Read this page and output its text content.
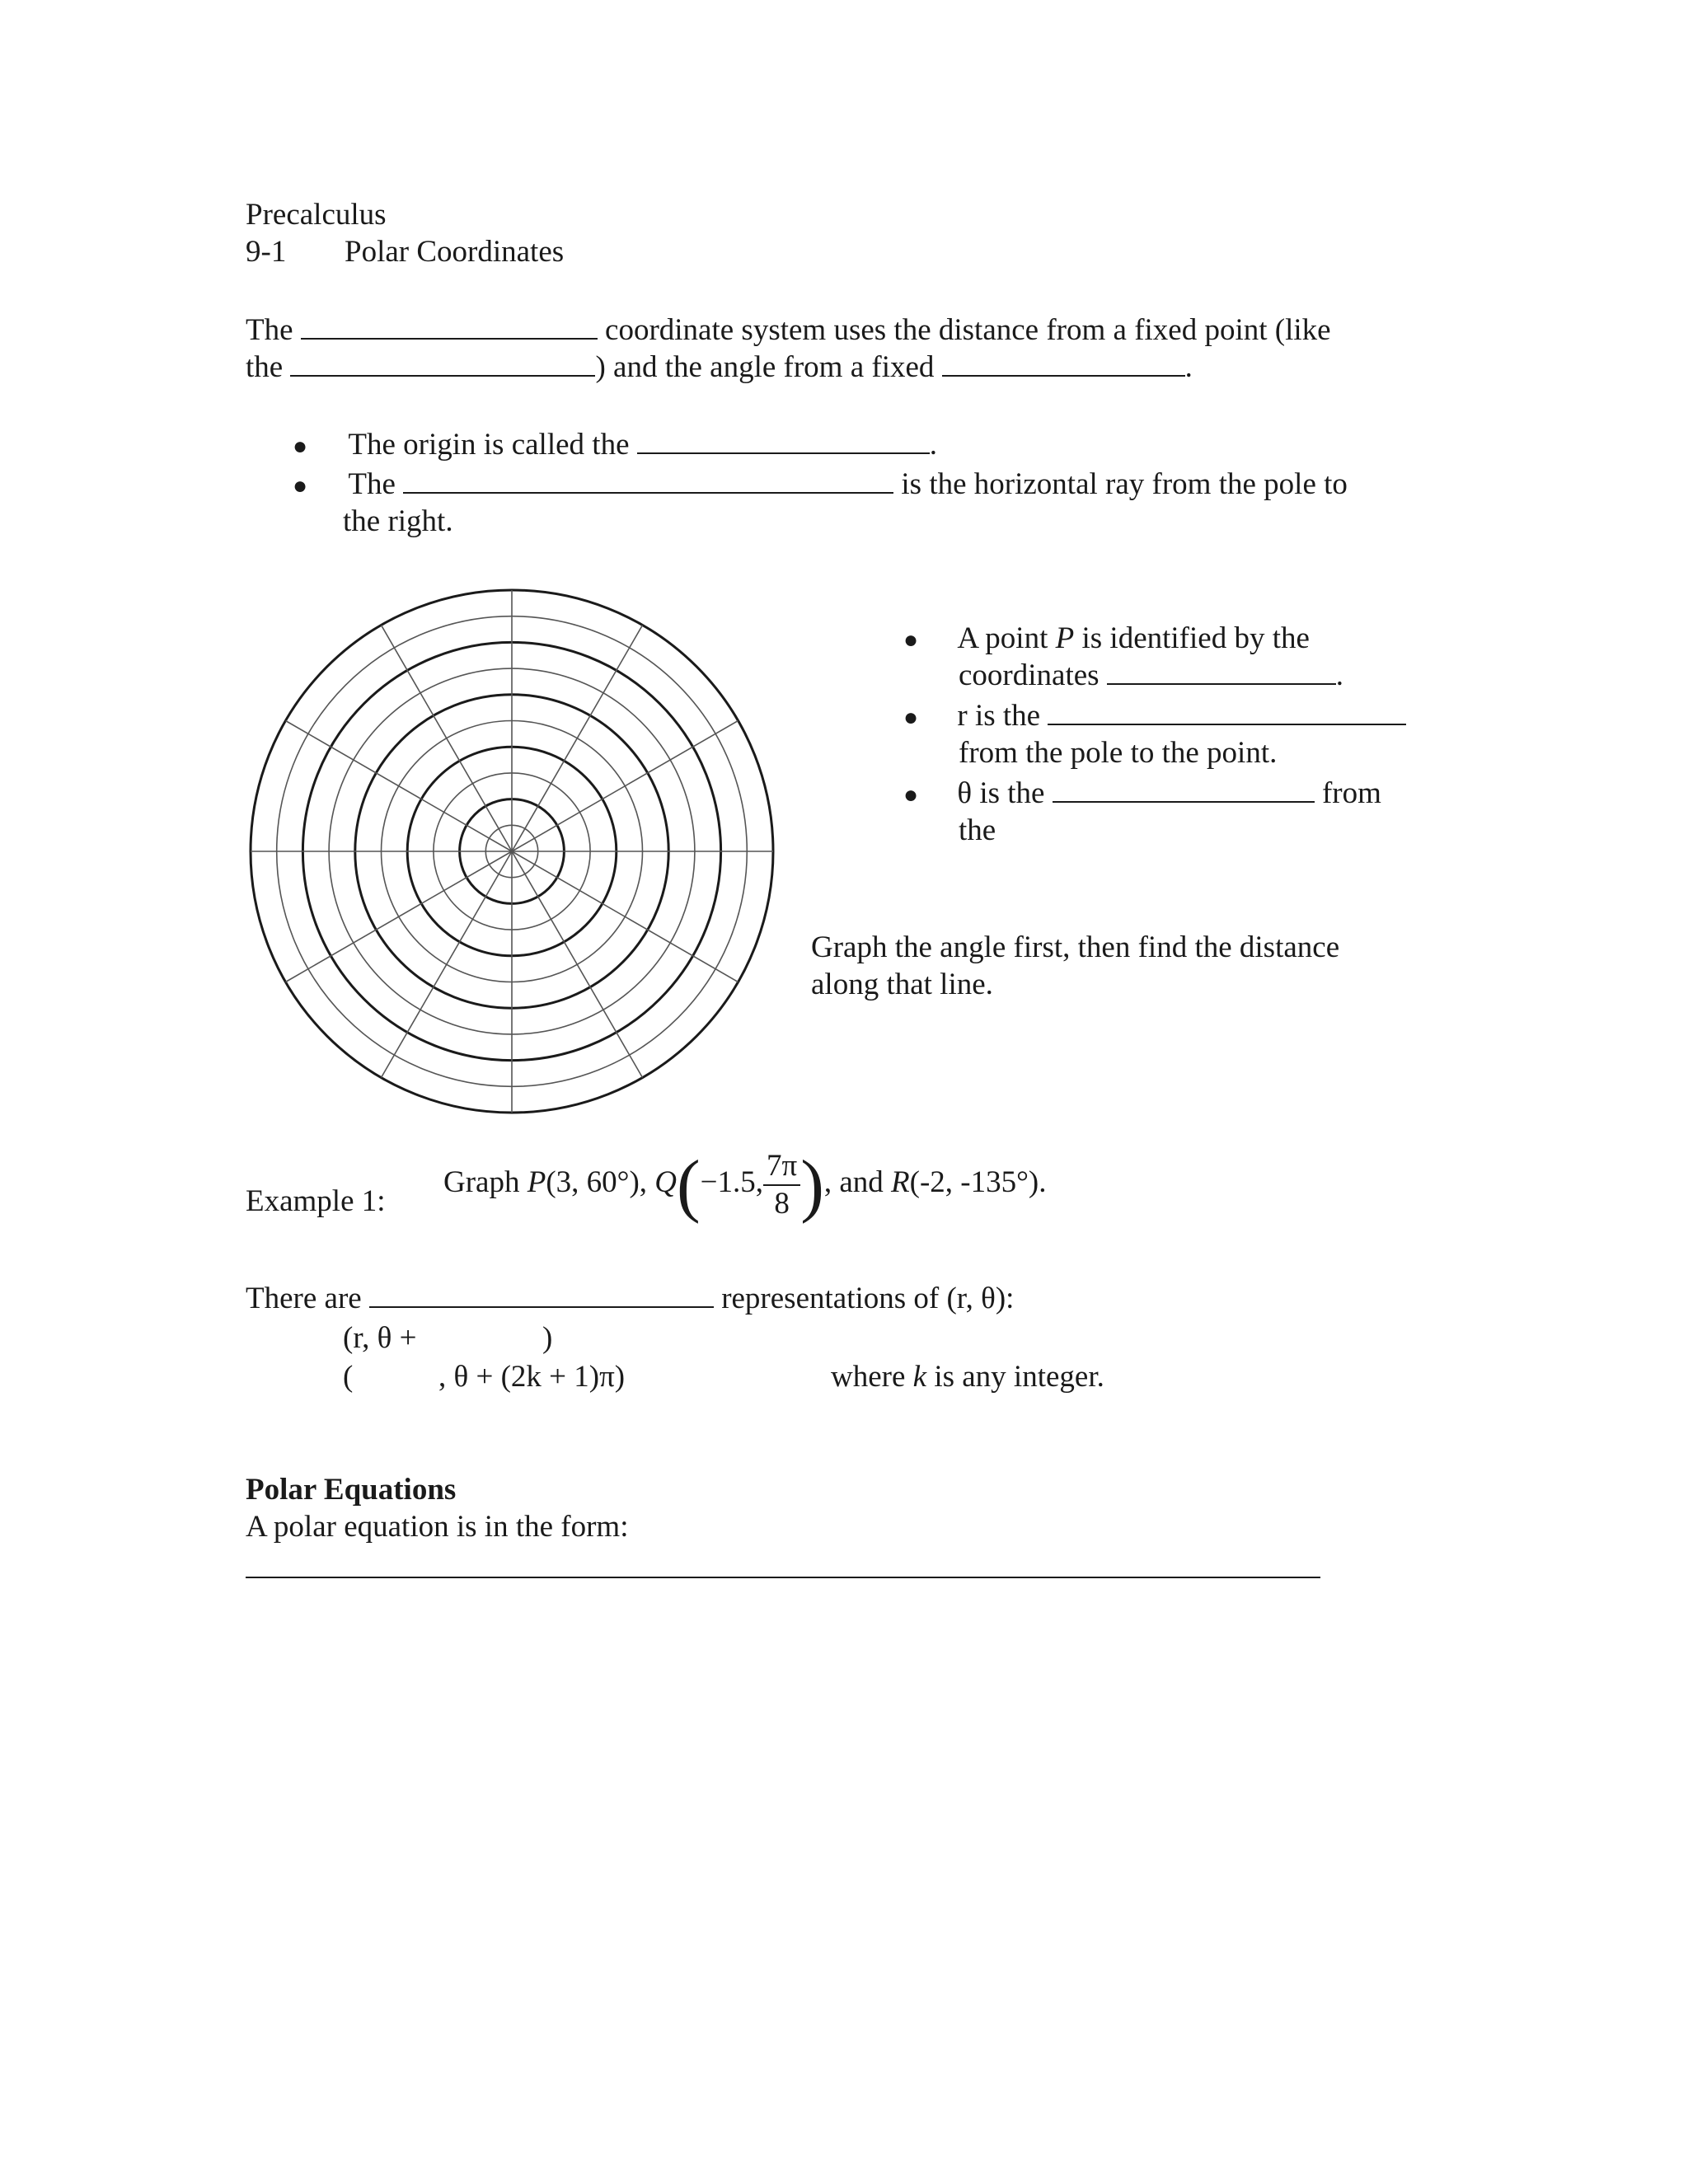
Precalculus
9-1 Polar Coordinates
The	coordinate system uses the distance from a fixed point (like
the	) and the angle from a fixed	.
● The origin is called the	.
● The	is the horizontal ray from the pole to
the right.
● A point P is identified by the
coordinates	.
● r is the
from the pole to the point.
● θ is the	from
the
Graph the angle first, then find the distance
along that line.
Example 1:
Graph P(3, 60°), Q(−1.5, $\frac{7\pi}{8}$ ), and R(-2, -135°).
There are	representations of (r, θ):
(r, θ +	)
(	, θ + (2k + 1)π)	where k is any integer.
Polar Equations
A polar equation is in the form:
